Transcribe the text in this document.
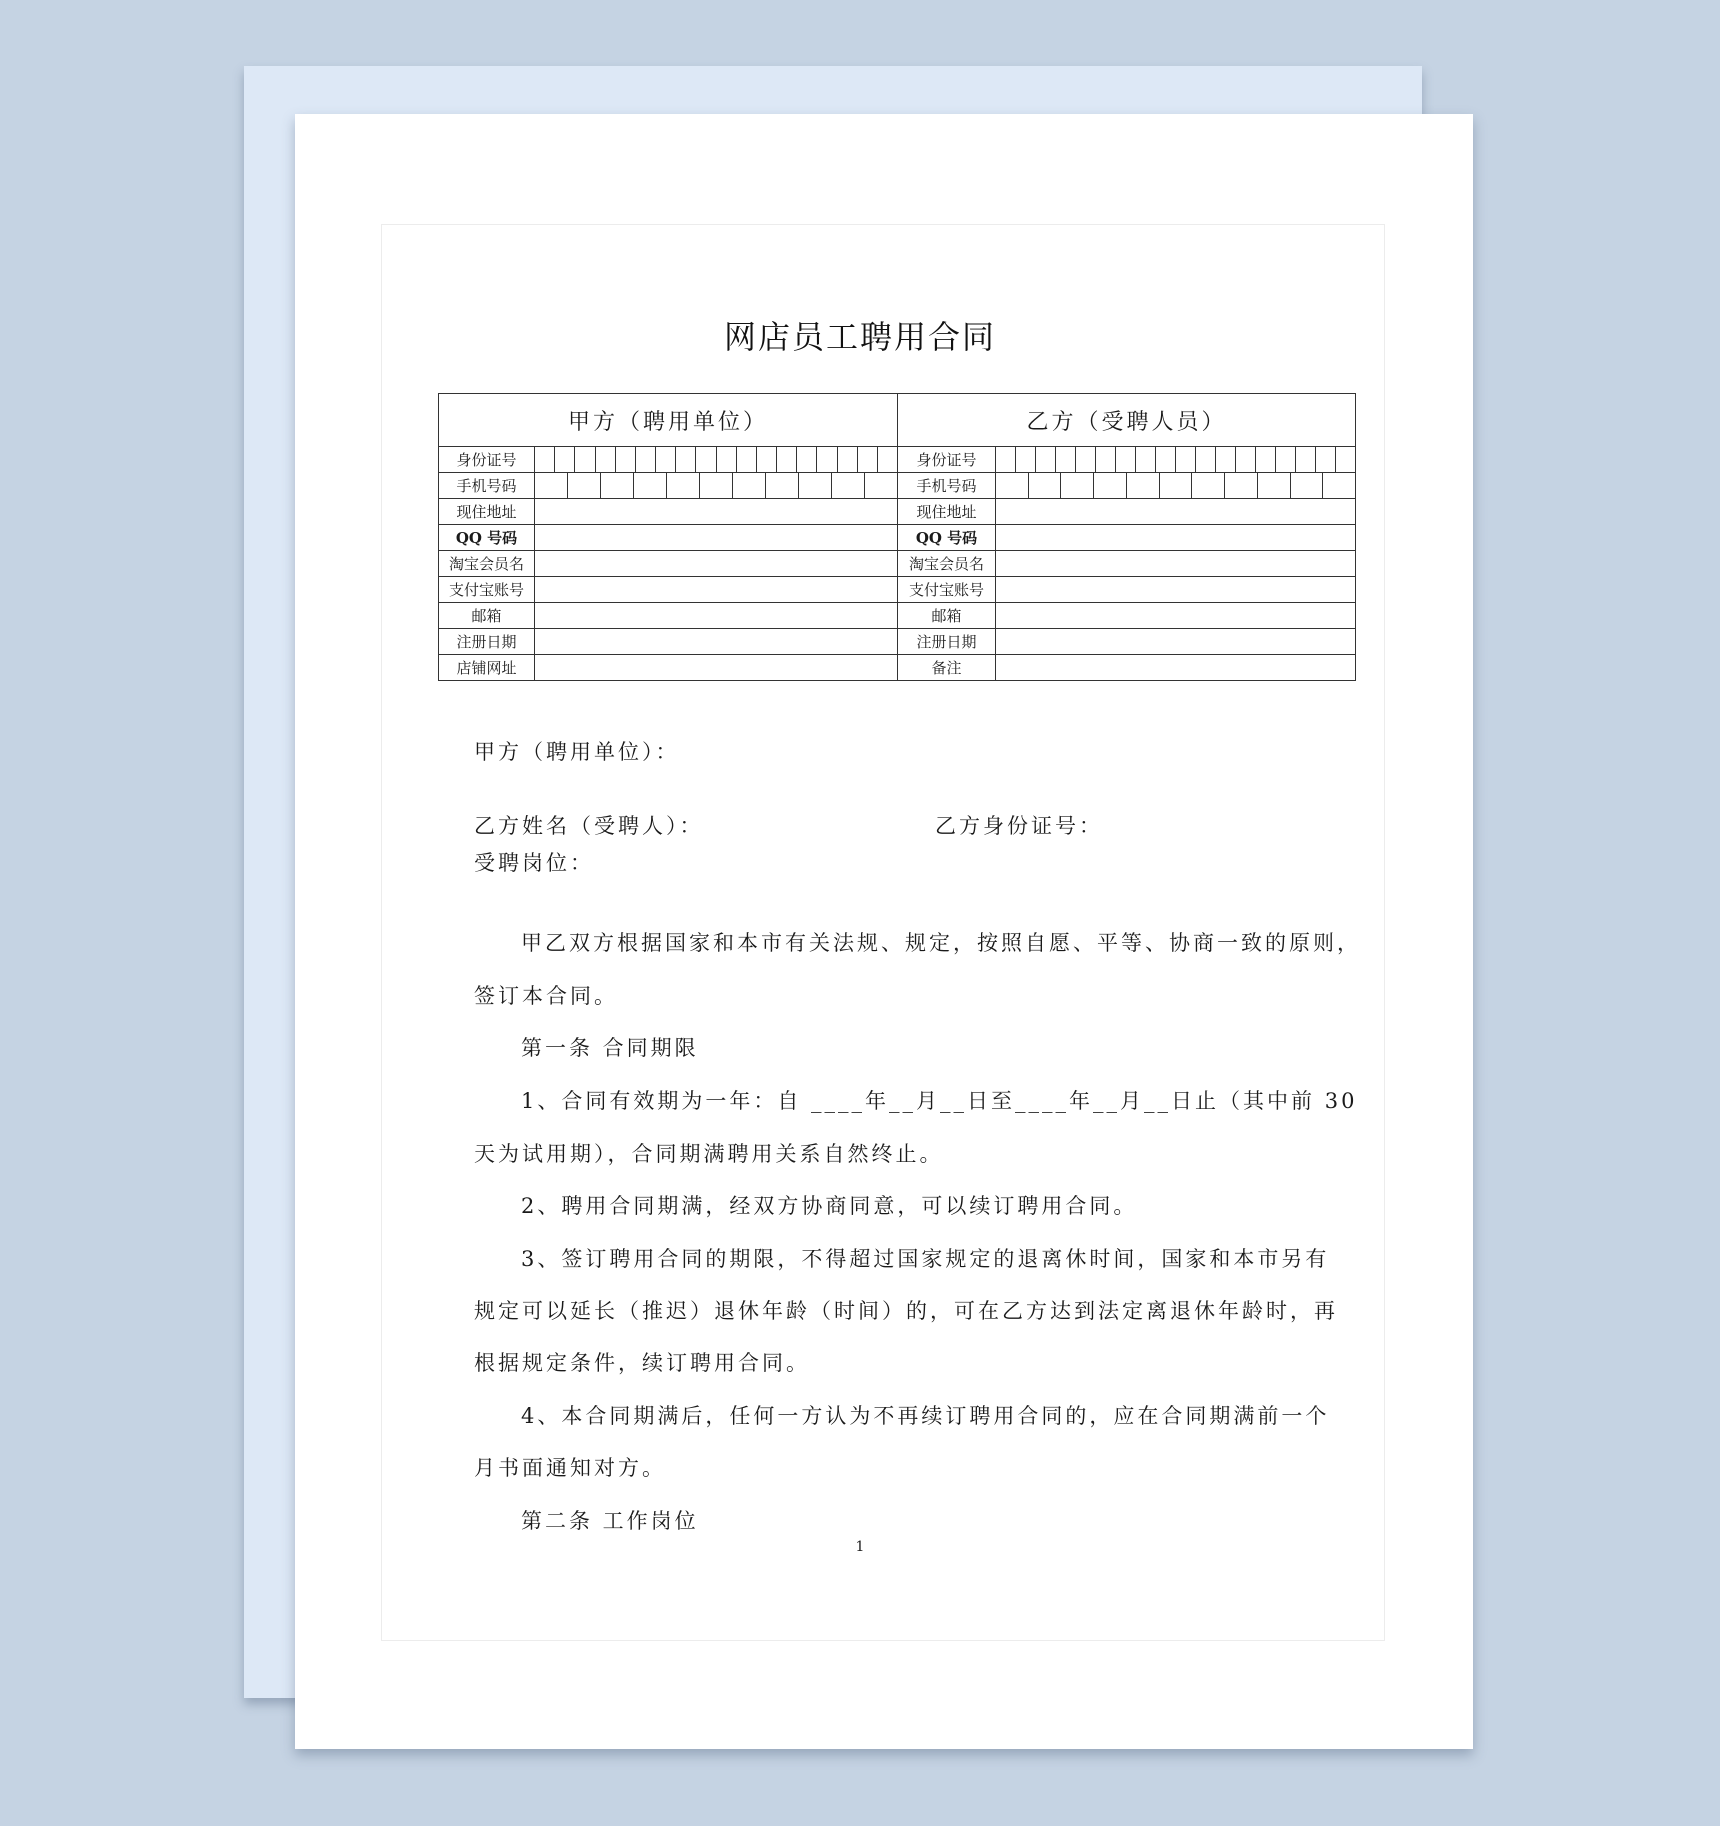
网店员工聘用合同
甲方（聘用单位）		乙方（受聘人员）	
身份证号		身份证号	

手机号码		手机号码	

现住地址		现住地址	
QQ 号码		QQ 号码	
淘宝会员名		淘宝会员名	
支付宝账号		支付宝账号	
邮箱		邮箱	
注册日期		注册日期	
店铺网址		备注	
甲方（聘用单位）：
乙方姓名（受聘人）：	乙方身份证号：
受聘岗位：
甲乙双方根据国家和本市有关法规、规定，按照自愿、平等、协商一致的原则，
签订本合同。
第一条 合同期限
1、合同有效期为一年：自 ____年__月__日至____年__月__日止（其中前 30
天为试用期），合同期满聘用关系自然终止。
2、聘用合同期满，经双方协商同意，可以续订聘用合同。
3、签订聘用合同的期限，不得超过国家规定的退离休时间，国家和本市另有
规定可以延长（推迟）退休年龄（时间）的，可在乙方达到法定离退休年龄时，再
根据规定条件，续订聘用合同。
4、本合同期满后，任何一方认为不再续订聘用合同的，应在合同期满前一个
月书面通知对方。
第二条 工作岗位
1
